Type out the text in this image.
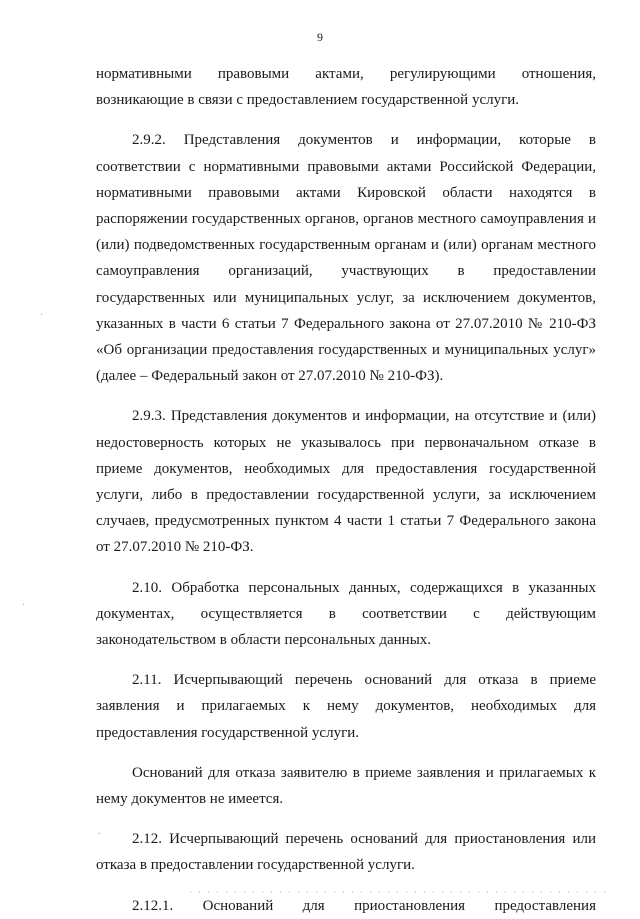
9

нормативными правовыми актами, регулирующими отношения, возникающие в связи с предоставлением государственной услуги.

2.9.2. Представления документов и информации, которые в соответствии с нормативными правовыми актами Российской Федерации, нормативными правовыми актами Кировской области находятся в распоряжении государственных органов, органов местного самоуправления и (или) подведомственных государственным органам и (или) органам местного самоуправления организаций, участвующих в предоставлении государственных или муниципальных услуг, за исключением документов, указанных в части 6 статьи 7 Федерального закона от 27.07.2010 № 210-ФЗ «Об организации предоставления государственных и муниципальных услуг» (далее – Федеральный закон от 27.07.2010 № 210-ФЗ).

2.9.3. Представления документов и информации, на отсутствие и (или) недостоверность которых не указывалось при первоначальном отказе в приеме документов, необходимых для предоставления государственной услуги, либо в предоставлении государственной услуги, за исключением случаев, предусмотренных пунктом 4 части 1 статьи 7 Федерального закона от 27.07.2010 № 210-ФЗ.

2.10. Обработка персональных данных, содержащихся в указанных документах, осуществляется в соответствии с действующим законодательством в области персональных данных.

2.11. Исчерпывающий перечень оснований для отказа в приеме заявления и прилагаемых к нему документов, необходимых для предоставления государственной услуги.

Оснований для отказа заявителю в приеме заявления и прилагаемых к нему документов не имеется.

2.12. Исчерпывающий перечень оснований для приостановления или отказа в предоставлении государственной услуги.

2.12.1. Оснований для приостановления предоставления
·
·
.
